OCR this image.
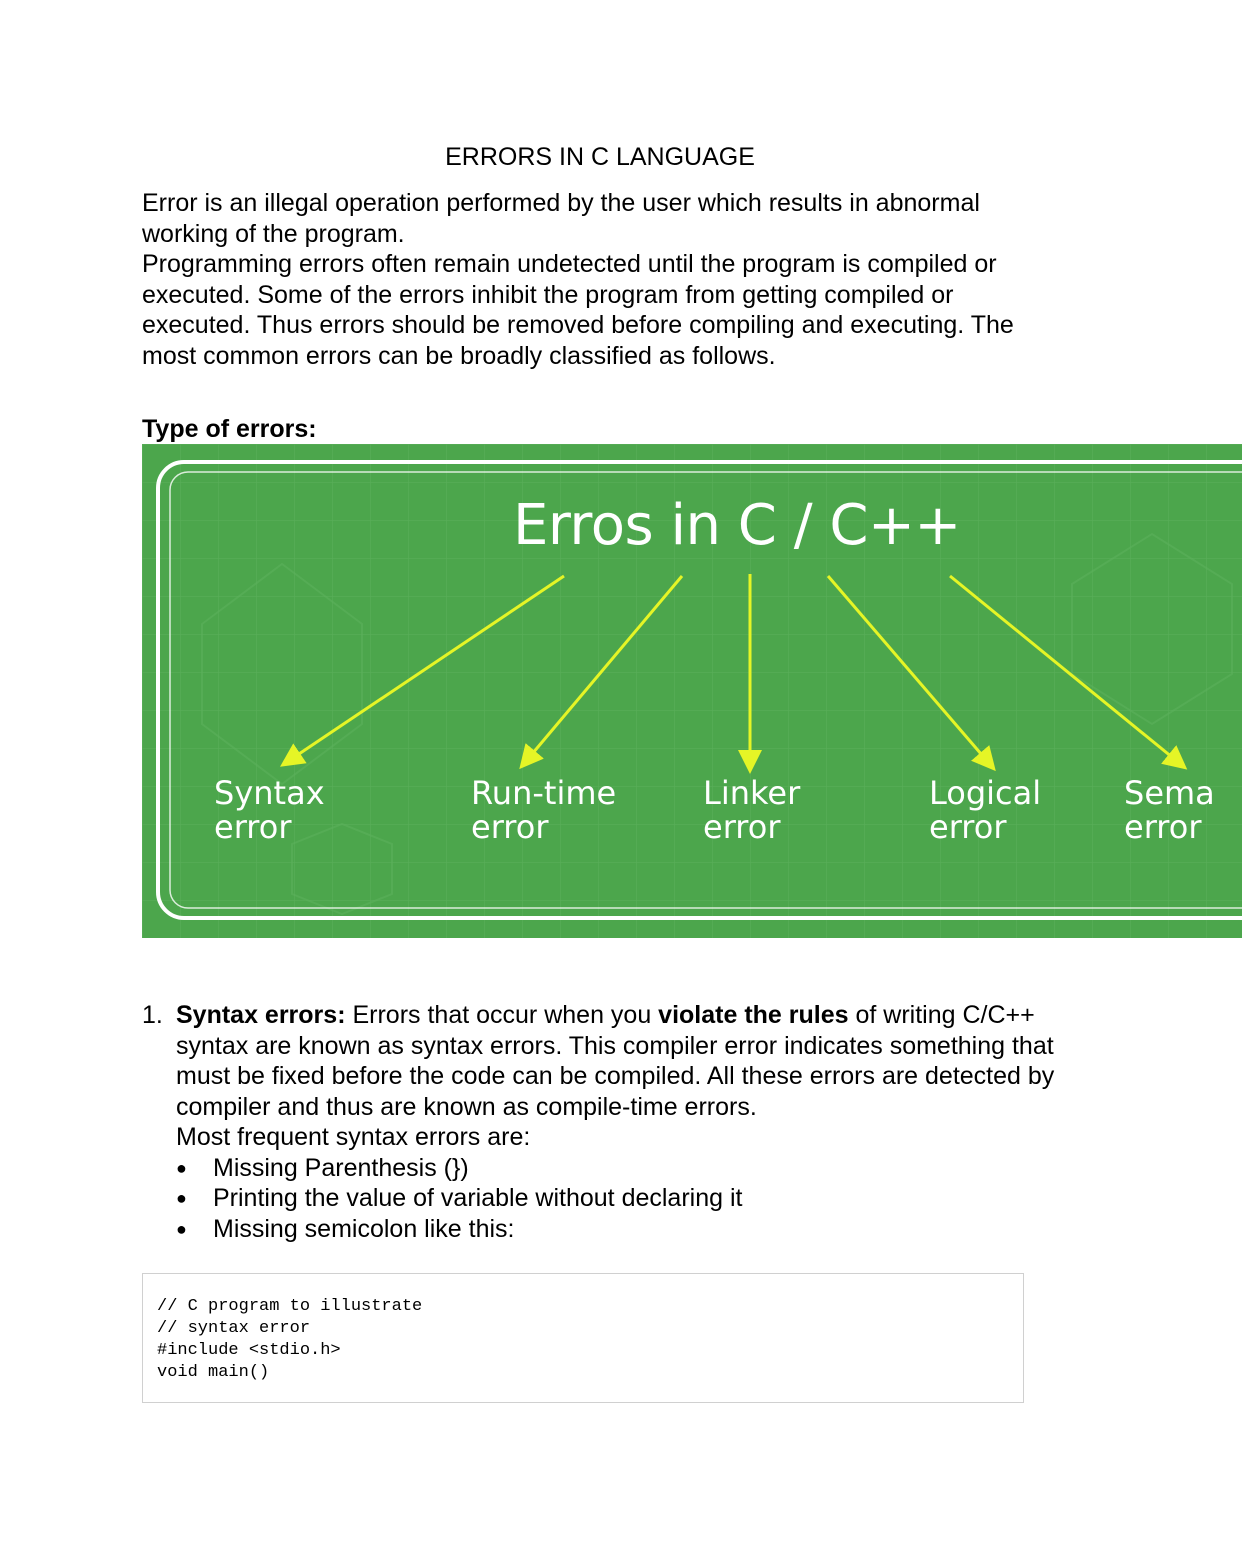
ERRORS IN C LANGUAGE
Error is an illegal operation performed by the user which results in abnormal working of the program.
Programming errors often remain undetected until the program is compiled or executed. Some of the errors inhibit the program from getting compiled or executed. Thus errors should be removed before compiling and executing. The most common errors can be broadly classified as follows.
Type of errors:
Erros in C / C++
Syntax
error
Run-time
error
Linker
error
Logical
error
Sema
error
1. Syntax errors: Errors that occur when you violate the rules of writing C/C++ syntax are known as syntax errors. This compiler error indicates something that must be fixed before the code can be compiled. All these errors are detected by compiler and thus are known as compile-time errors.
Most frequent syntax errors are:
● Missing Parenthesis (})
● Printing the value of variable without declaring it
● Missing semicolon like this:
// C program to illustrate
// syntax error
#include <stdio.h>
void main()
